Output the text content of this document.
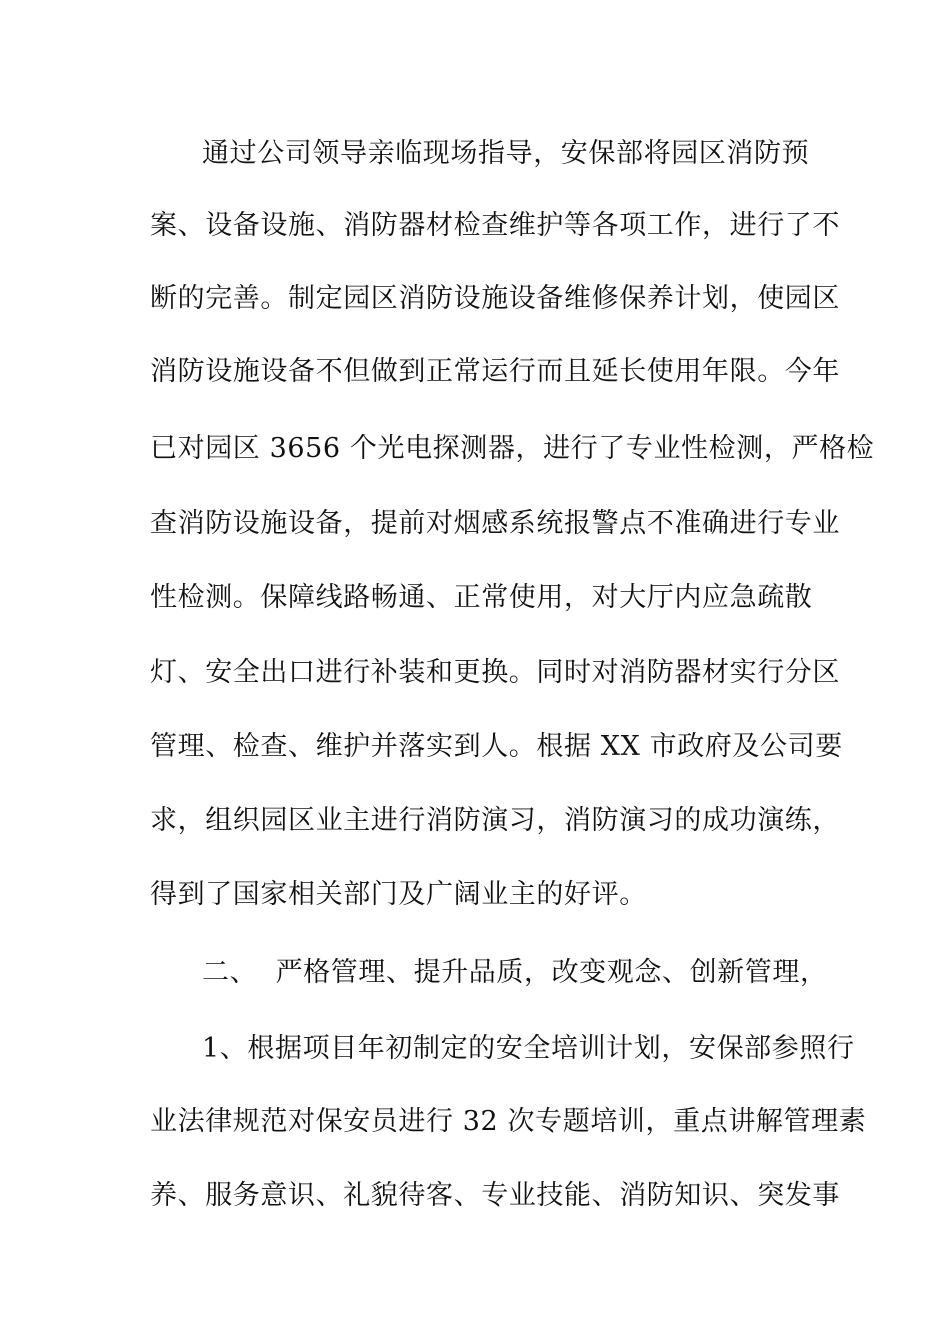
通过公司领导亲临现场指导，安保部将园区消防预

案、设备设施、消防器材检查维护等各项工作，进行了不

断的完善。制定园区消防设施设备维修保养计划，使园区

消防设施设备不但做到正常运行而且延长使用年限。今年

已对园区 3656 个光电探测器，进行了专业性检测，严格检

查消防设施设备，提前对烟感系统报警点不准确进行专业

性检测。保障线路畅通、正常使用，对大厅内应急疏散

灯、安全出口进行补装和更换。同时对消防器材实行分区

管理、检查、维护并落实到人。根据 XX 市政府及公司要

求，组织园区业主进行消防演习，消防演习的成功演练，

得到了国家相关部门及广阔业主的好评。

二、  严格管理、提升品质，改变观念、创新管理，

1、根据项目年初制定的安全培训计划，安保部参照行

业法律规范对保安员进行 32 次专题培训，重点讲解管理素

养、服务意识、礼貌待客、专业技能、消防知识、突发事
